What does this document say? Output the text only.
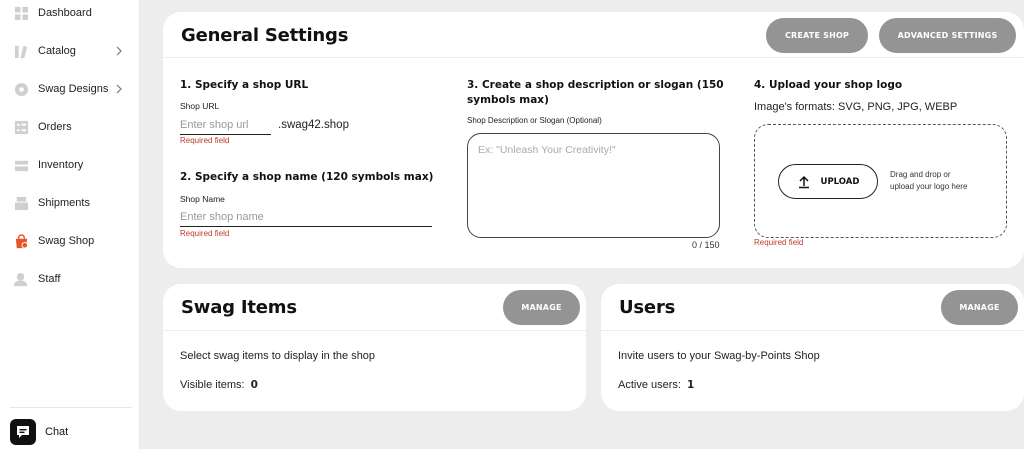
Dashboard
Catalog
Swag Designs
Orders
Inventory
Shipments
Swag Shop
Staff
Chat
General Settings	CREATE SHOP	ADVANCED SETTINGS
1. Specify a shop URL
Shop URL
Enter shop url	.swag42.shop
Required field
2. Specify a shop name (120 symbols max)
Shop Name
Enter shop name
Required field
3. Create a shop description or slogan (150
symbols max)
Shop Description or Slogan (Optional)
Ex: "Unleash Your Creativity!"
0 / 150
4. Upload your shop logo
Image's formats: SVG, PNG, JPG, WEBP
UPLOAD
Drag and drop or
upload your logo here
Required field
Swag Items	MANAGE
Select swag items to display in the shop
Visible items: 0
Users	MANAGE
Invite users to your Swag-by-Points Shop
Active users: 1
